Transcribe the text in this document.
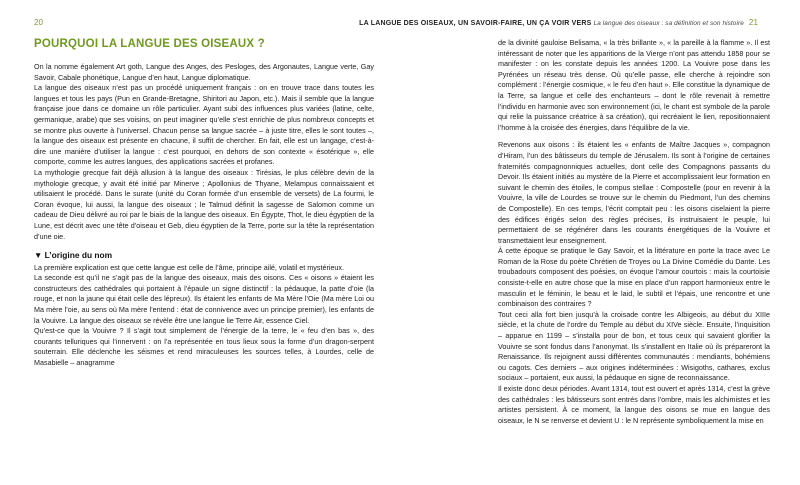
20
POURQUOI LA LANGUE DES OISEAUX ?

On la nomme également Art goth, Langue des Anges, des Pesloges, des Argonautes, Langue verte, Gay Savoir, Cabale phonétique, Langue d’en haut, Langue diplomatique.

La langue des oiseaux n’est pas un procédé uniquement français : on en trouve trace dans toutes les langues et tous les pays (Pun en Grande-Bretagne, Shiritori au Japon, etc.). Mais il semble que la langue française joue dans ce domaine un rôle particulier. Ayant subi des influences plus variées (latine, celte, germanique, arabe) que ses voisins, on peut imaginer qu’elle s’est enrichie de plus nombreux concepts et se montre plus ouverte à l’universel. Chacun pense sa langue sacrée – à juste titre, elles le sont toutes –, la langue des oiseaux est présente en chacune, il suffit de chercher. En fait, elle est un langage, c’est-à-dire une manière d’utiliser la langue : c’est pourquoi, en dehors de son contexte « ésotérique », elle comporte, comme les autres langues, des applications sacrées et profanes.

La mythologie grecque fait déjà allusion à la langue des oiseaux : Tirésias, le plus célèbre devin de la mythologie grecque, y avait été initié par Minerve ; Apollonius de Thyane, Melampus connaissaient et utilisaient le procédé. Dans le surate (unité du Coran formée d’un ensemble de versets) de La fourmi, le Coran évoque, lui aussi, la langue des oiseaux ; le Talmud définit la sagesse de Salomon comme un cadeau de Dieu délivré au roi par le biais de la langue des oiseaux. En Égypte, Thot, le dieu égyptien de la Lune, est décrit avec une tête d’oiseau et Geb, dieu égyptien de la Terre, porte sur la tête la représentation d’une oie.

▼ L’origine du nom

La première explication est que cette langue est celle de l’âme, principe ailé, volatil et mystérieux.

La seconde est qu’il ne s’agit pas de la langue des oiseaux, mais des oisons. Ces « oisons » étaient les constructeurs des cathédrales qui portaient à l’épaule un signe distinctif : la pédauque, la patte d’oie (la rouge, et non la jaune qui était celle des lépreux). Ils étaient les enfants de Ma Mère l’Oie (Ma mère Loi ou Ma mère l’oie, au sens où Ma mère l’entend : état de connivence avec un principe premier), les enfants de la Vouivre. La langue des oiseaux se révèle être une langue lie Terre Air, essence Ciel.

Qu’est-ce que la Vouivre ? Il s’agit tout simplement de l’énergie de la terre, le « feu d’en bas », des courants telluriques qui l’innervent : on l’a représentée en tous lieux sous la forme d’un dragon-serpent souterrain. Elle déclenche les séismes et rend miraculeuses les sources telles, à Lourdes, celle de Masabielle – anagramme

LA LANGUE DES OISEAUX, UN SAVOIR-FAIRE, UN ÇA VOIR VERS La langue des oiseaux : sa définition et son histoire 21

de la divinité gauloise Belisama, « la très brillante », « la pareille à la flamme ». Il est intéressant de noter que les apparitions de la Vierge n’ont pas attendu 1858 pour se manifester : on les constate depuis les années 1200. La Vouivre pose dans les Pyrénées un réseau très dense. Où qu’elle passe, elle cherche à rejoindre son complément : l’énergie cosmique, « le feu d’en haut ». Elle constitue la dynamique de la Terre, sa langue et celle des enchanteurs – dont le rôle revenait à remettre l’individu en harmonie avec son environnement (ici, le chant est symbole de la parole qui relie la puissance créatrice à sa création), qui recréaient le lien, repositionnaient l’homme à la croisée des énergies, dans l’équilibre de la vie.

Revenons aux oisons : ils étaient les « enfants de Maître Jacques », compagnon d’Hiram, l’un des bâtisseurs du temple de Jérusalem. Ils sont à l’origine de certaines fraternités compagnonniques actuelles, dont celle des Compagnons passants du Devoir. Ils étaient initiés au mystère de la Pierre et accomplissaient leur formation en suivant le chemin des étoiles, le compus stellae : Compostelle (pour en revenir à la Vouivre, la ville de Lourdes se trouve sur le chemin du Piedmont, l’un des chemins de Compostelle). En ces temps, l’écrit comptait peu : les oisons ciselaient la pierre des édifices érigés selon des règles précises, ils instruisaient le peuple, lui permettaient de se régénérer dans les courants énergétiques de la Vouivre et transmettaient leur enseignement.

À cette époque se pratique le Gay Savoir, et la littérature en porte la trace avec Le Roman de la Rose du poète Chrétien de Troyes ou La Divine Comédie du Dante. Les troubadours composent des poésies, on évoque l’amour courtois : mais la courtoisie consiste-t-elle en autre chose que la mise en place d’un rapport harmonieux entre le masculin et le féminin, le beau et le laid, le subtil et l’épais, une rencontre et une combinaison des contraires ?

Tout ceci alla fort bien jusqu’à la croisade contre les Albigeois, au début du XIIIe siècle, et la chute de l’ordre du Temple au début du XIVe siècle. Ensuite, l’inquisition – apparue en 1199 – s’installa pour de bon, et tous ceux qui savaient glorifier la Vouivre se sont fondus dans l’anonymat. Ils s’installent en Italie où ils prépareront la Renaissance. Ils rejoignent aussi différentes communautés : mendiants, bohémiens ou cagots. Ces derniers – aux origines indéterminées : Wisigoths, cathares, exclus sociaux – portaient, eux aussi, la pédauque en signe de reconnaissance.

Il existe donc deux périodes. Avant 1314, tout est ouvert et après 1314, c’est la grève des cathédrales : les bâtisseurs sont entrés dans l’ombre, mais les alchimistes et les artistes persistent. À ce moment, la langue des oisons se mue en langue des oiseaux, le N se renverse et devient U : le N représente symboliquement la mise en
